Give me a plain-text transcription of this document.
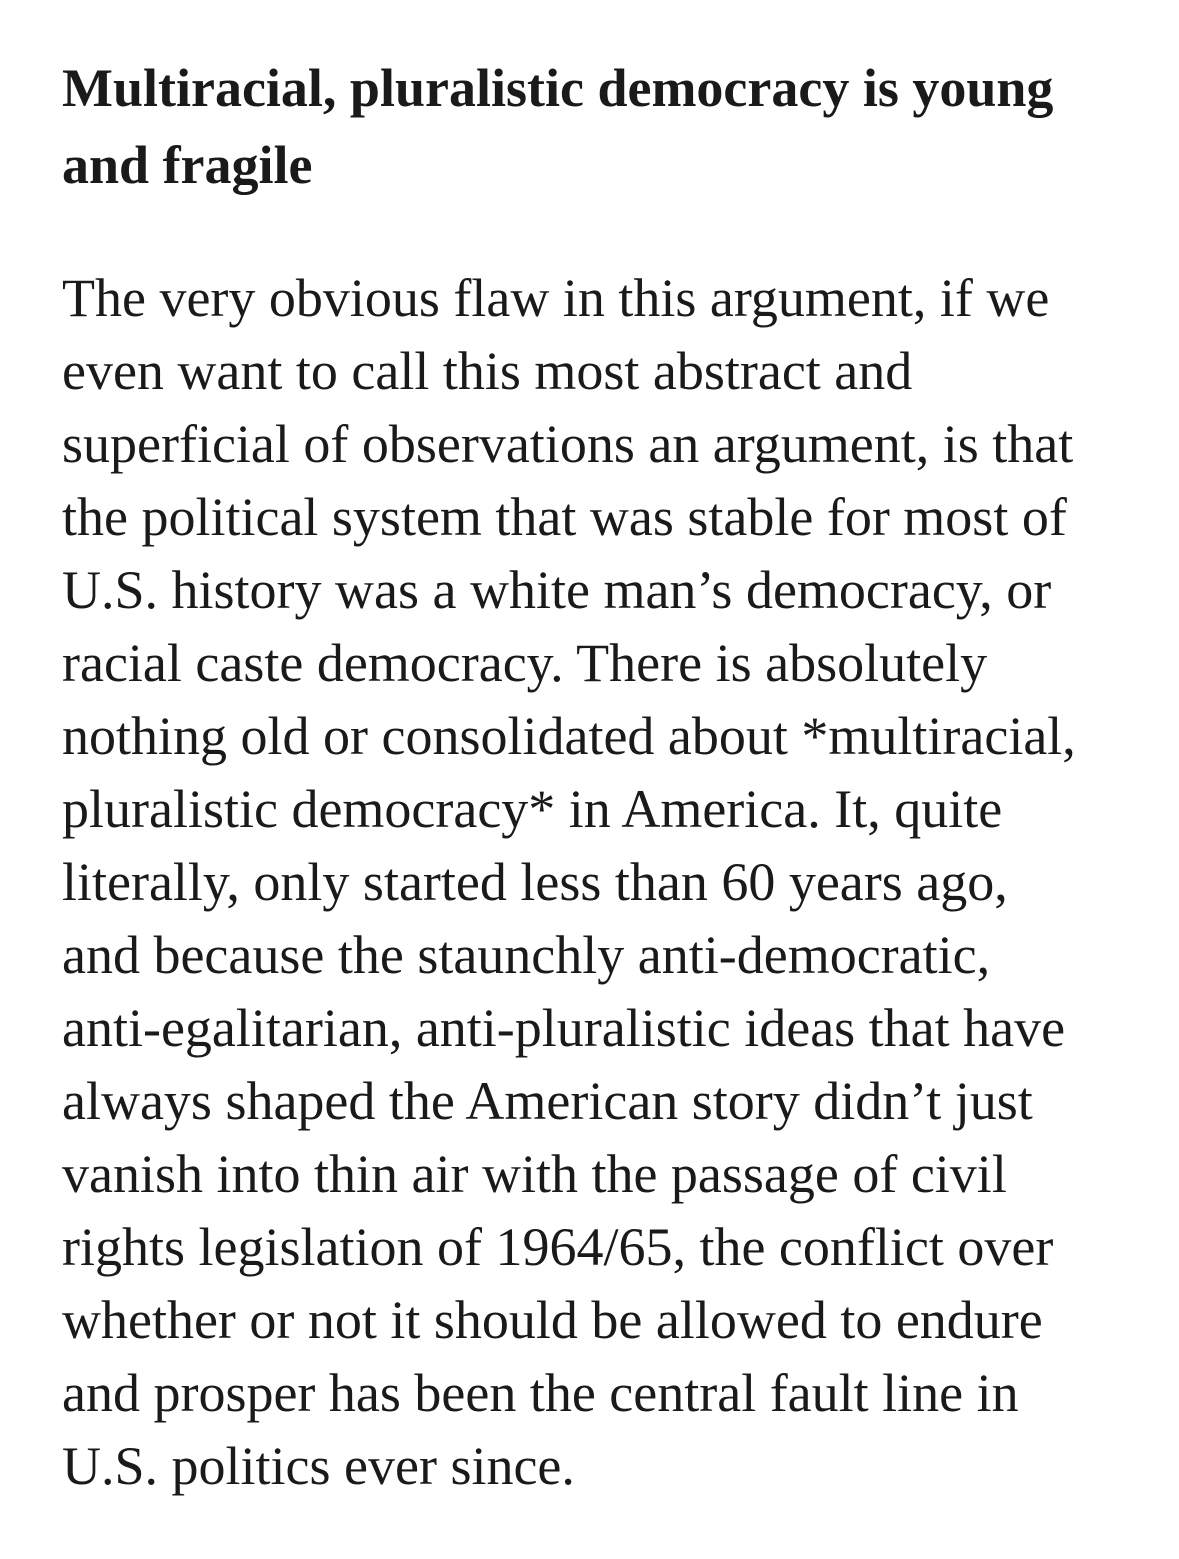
Multiracial, pluralistic democracy is young and fragile

The very obvious flaw in this argument, if we even want to call this most abstract and superficial of observations an argument, is that the political system that was stable for most of U.S. history was a white man’s democracy, or racial caste democracy. There is absolutely nothing old or consolidated about *multiracial, pluralistic democracy* in America. It, quite literally, only started less than 60 years ago, and because the staunchly anti-democratic, anti-egalitarian, anti-pluralistic ideas that have always shaped the American story didn’t just vanish into thin air with the passage of civil rights legislation of 1964/65, the conflict over whether or not it should be allowed to endure and prosper has been the central fault line in U.S. politics ever since.
